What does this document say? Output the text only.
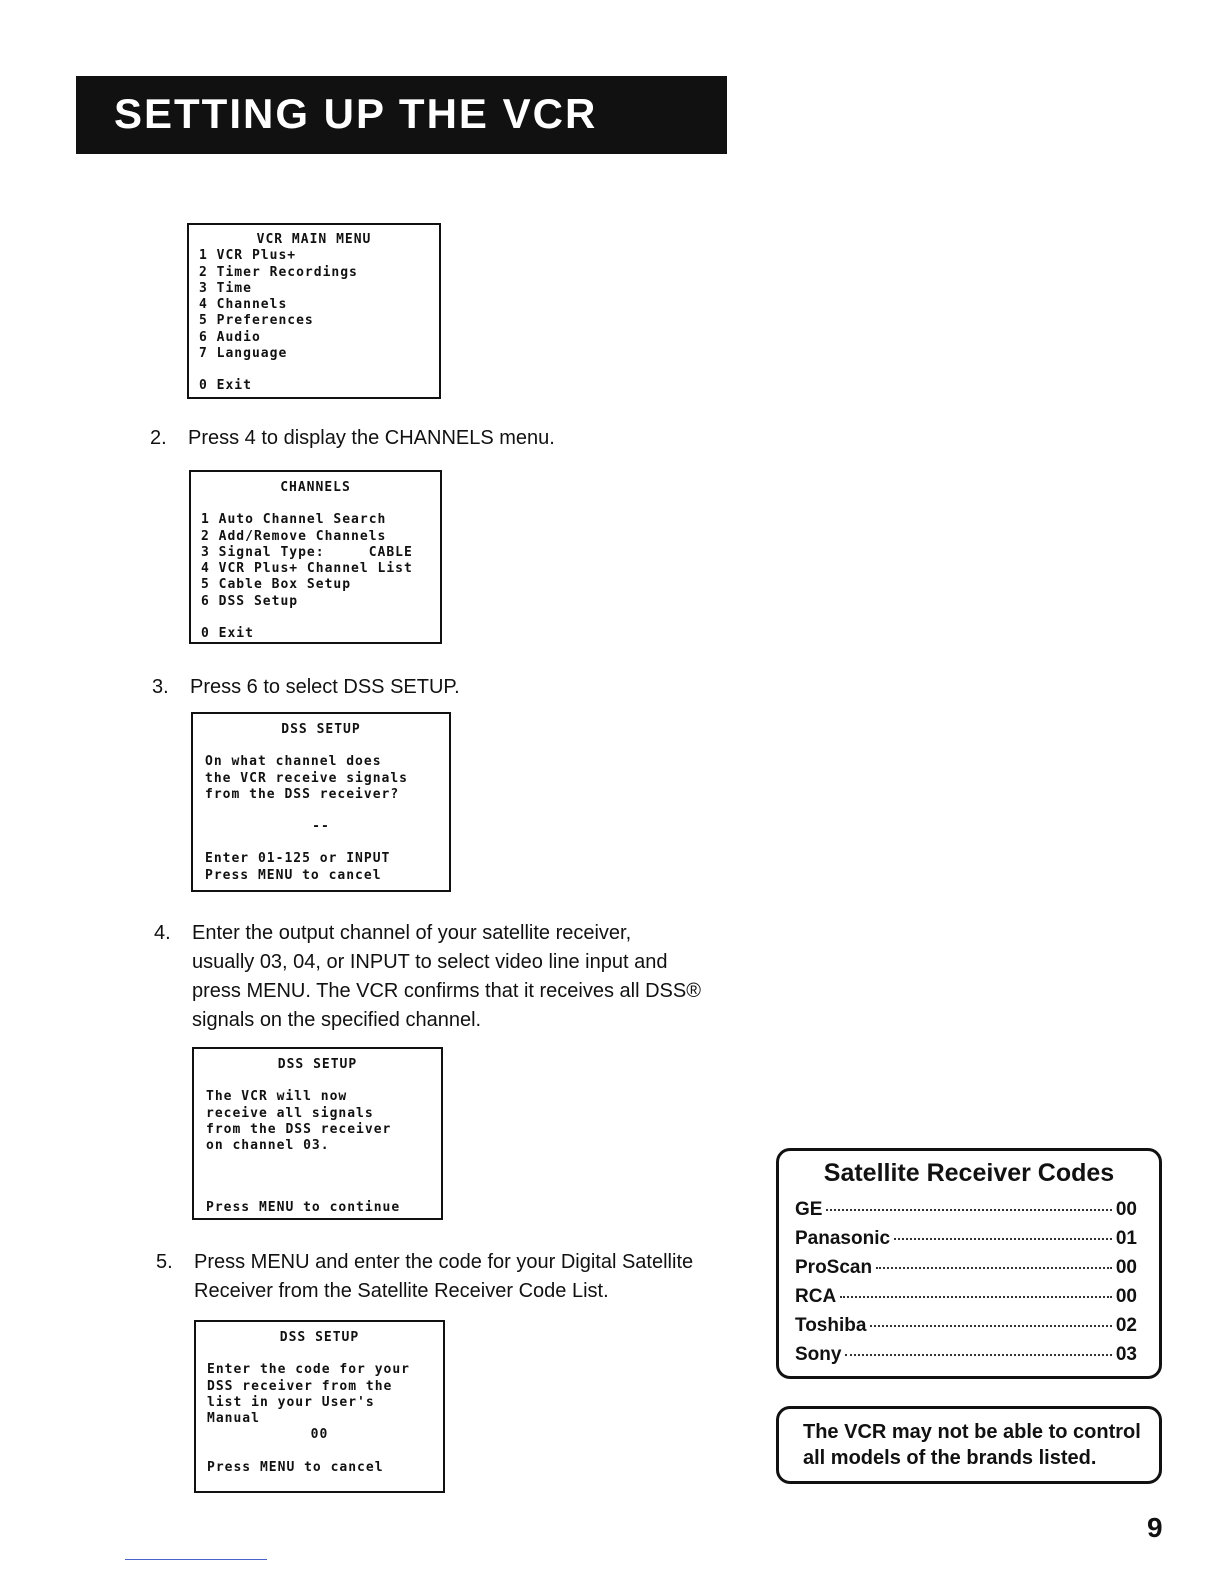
SETTING UP THE VCR
VCR MAIN MENU
1 VCR Plus+
2 Timer Recordings
3 Time
4 Channels
5 Preferences
6 Audio
7 Language
0 Exit
2. Press 4 to display the CHANNELS menu.
CHANNELS
1 Auto Channel Search
2 Add/Remove Channels
3 Signal Type:     CABLE
4 VCR Plus+ Channel List
5 Cable Box Setup
6 DSS Setup
0 Exit
3. Press 6 to select DSS SETUP.
DSS SETUP
On what channel does
the VCR receive signals
from the DSS receiver?
--
Enter 01-125 or INPUT
Press MENU to cancel
4. Enter the output channel of your satellite receiver,
usually 03, 04, or INPUT to select video line input and
press MENU. The VCR confirms that it receives all DSS®
signals on the specified channel.
DSS SETUP
The VCR will now
receive all signals
from the DSS receiver
on channel 03.
Press MENU to continue
5. Press MENU and enter the code for your Digital Satellite
Receiver from the Satellite Receiver Code List.
DSS SETUP
Enter the code for your
DSS receiver from the
list in your User's
Manual
00
Press MENU to cancel
Satellite Receiver Codes
GE	00
Panasonic	01
ProScan	00
RCA	00
Toshiba	02
Sony	03
The VCR may not be able to control all models of the brands listed.
9
